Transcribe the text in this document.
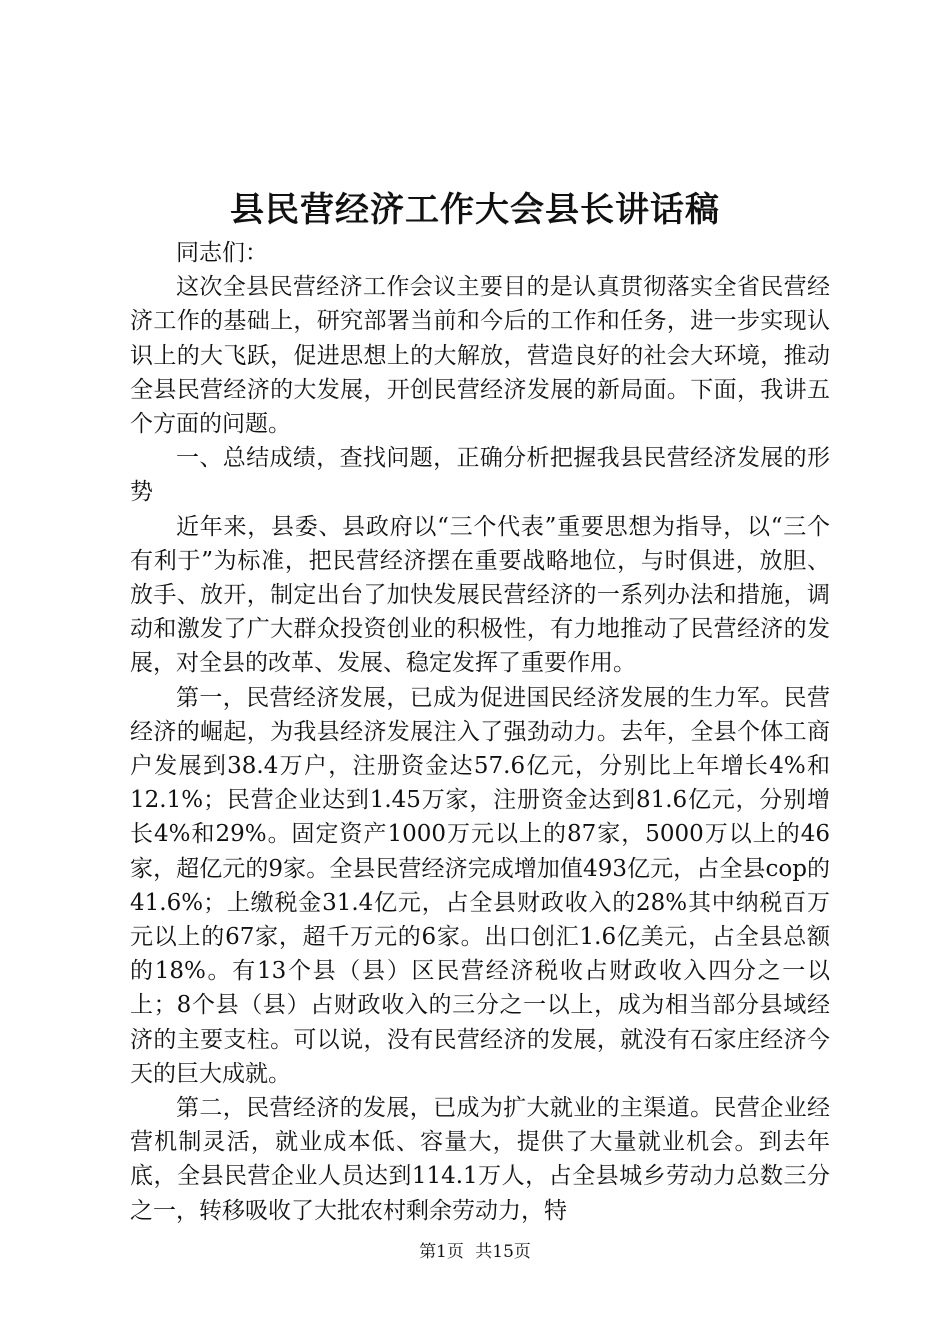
县民营经济工作大会县长讲话稿

同志们：

这次全县民营经济工作会议主要目的是认真贯彻落实全省民营经济工作的基础上，研究部署当前和今后的工作和任务，进一步实现认识上的大飞跃，促进思想上的大解放，营造良好的社会大环境，推动全县民营经济的大发展，开创民营经济发展的新局面。下面，我讲五个方面的问题。

一、总结成绩，查找问题，正确分析把握我县民营经济发展的形势

近年来，县委、县政府以“三个代表”重要思想为指导，以“三个有利于”为标准，把民营经济摆在重要战略地位，与时俱进，放胆、放手、放开，制定出台了加快发展民营经济的一系列办法和措施，调动和激发了广大群众投资创业的积极性，有力地推动了民营经济的发展，对全县的改革、发展、稳定发挥了重要作用。

第一，民营经济发展，已成为促进国民经济发展的生力军。民营经济的崛起，为我县经济发展注入了强劲动力。去年，全县个体工商户发展到38.4万户，注册资金达57.6亿元，分别比上年增长4%和12.1%；民营企业达到1.45万家，注册资金达到81.6亿元，分别增长4%和29%。固定资产1000万元以上的87家，5000万以上的46家，超亿元的9家。全县民营经济完成增加值493亿元，占全县cop的41.6%；上缴税金31.4亿元，占全县财政收入的28%其中纳税百万元以上的67家，超千万元的6家。出口创汇1.6亿美元，占全县总额的18%。有13个县（县）区民营经济税收占财政收入四分之一以上；8个县（县）占财政收入的三分之一以上，成为相当部分县域经济的主要支柱。可以说，没有民营经济的发展，就没有石家庄经济今天的巨大成就。

第二，民营经济的发展，已成为扩大就业的主渠道。民营企业经营机制灵活，就业成本低、容量大，提供了大量就业机会。到去年底，全县民营企业人员达到114.1万人，占全县城乡劳动力总数三分之一，转移吸收了大批农村剩余劳动力，特

第1页 共15页
